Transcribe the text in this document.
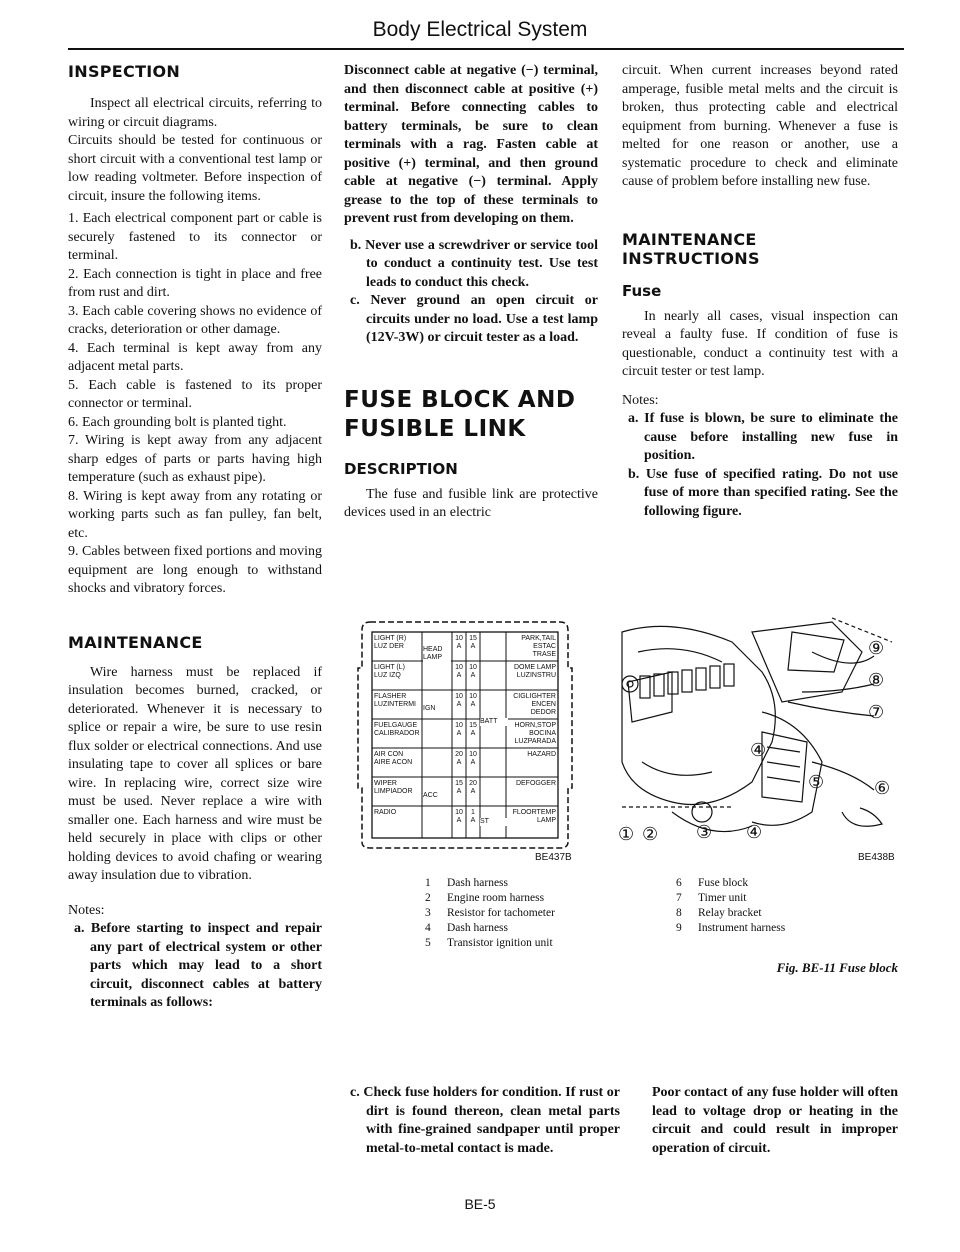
Body Electrical System
INSPECTION

Inspect all electrical circuits, referring to wiring or circuit diagrams.

Circuits should be tested for continuous or short circuit with a conventional test lamp or low reading voltmeter. Before inspection of circuit, insure the following items.

1. Each electrical component part or cable is securely fastened to its connector or terminal.
2. Each connection is tight in place and free from rust and dirt.
3. Each cable covering shows no evidence of cracks, deterioration or other damage.
4. Each terminal is kept away from any adjacent metal parts.
5. Each cable is fastened to its proper connector or terminal.
6. Each grounding bolt is planted tight.
7. Wiring is kept away from any adjacent sharp edges of parts or parts having high temperature (such as exhaust pipe).
8. Wiring is kept away from any rotating or working parts such as fan pulley, fan belt, etc.
9. Cables between fixed portions and moving equipment are long enough to withstand shocks and vibratory forces.
MAINTENANCE

Wire harness must be replaced if insulation becomes burned, cracked, or deteriorated. Whenever it is necessary to splice or repair a wire, be sure to use resin flux solder or electrical connections. And use insulating tape to cover all splices or bare wire. In replacing wire, correct size wire must be used. Never replace a wire with smaller one. Each harness and wire must be held securely in place with clips or other holding devices to avoid chafing or wearing away insulation due to vibration.

Notes:

a. Before starting to inspect and repair any part of electrical system or other parts which may lead to a short circuit, disconnect cables at battery terminals as follows:

Disconnect cable at negative (−) terminal, and then disconnect cable at positive (+) terminal. Before connecting cables to battery terminals, be sure to clean terminals with a rag. Fasten cable at positive (+) terminal, and then ground cable at negative (−) terminal. Apply grease to the top of these terminals to prevent rust from developing on them.

b. Never use a screwdriver or service tool to conduct a continuity test. Use test leads to conduct this check.
c. Never ground an open circuit or circuits under no load. Use a test lamp (12V-3W) or circuit tester as a load.
FUSE BLOCK AND
FUSIBLE LINK
DESCRIPTION

The fuse and fusible link are protective devices used in an electric

LIGHT (R)
LUZ DER
10
A
15
A
PARK,TAIL
ESTAC
TRASE
LIGHT (L)
LUZ IZQ
10
A
10
A
DOME LAMP
LUZINSTRU
FLASHER
LUZINTERMI
10
A
10
A
CIGLIGHTER
ENCEN
DEDOR
FUELGAUGE
CALIBRADOR
10
A
15
A
HORN,STOP
BOCINA
LUZPARADA
AIR CON
AIRE ACON
20
A
10
A
HAZARD
WIPER
LIMPIADOR
15
A
20
A
DEFOGGER
RADIO	10
A
1
A
FLOORTEMP
LAMP
HEAD
LAMP
IGN
ACC
BATT
ST
BE437B
1 Dash harness
2 Engine room harness
3 Resistor for tachometer
4 Dash harness
5 Transistor ignition unit
c. Check fuse holders for condition. If rust or dirt is found thereon, clean metal parts with fine-grained sandpaper until proper metal-to-metal contact is made.

circuit. When current increases beyond rated amperage, fusible metal melts and the circuit is broken, thus protecting cable and electrical equipment from burning. Whenever a fuse is melted for one reason or another, use a systematic procedure to check and eliminate cause of problem before installing new fuse.

MAINTENANCE
INSTRUCTIONS
Fuse

In nearly all cases, visual inspection can reveal a faulty fuse. If condition of fuse is questionable, conduct a continuity test with a circuit tester or test lamp.

Notes:

a. If fuse is blown, be sure to eliminate the cause before installing new fuse in position.
b. Use fuse of specified rating. Do not use fuse of more than specified rating. See the following figure.
⑨
⑧
⑦
④
⑤	⑥
① ② ③ ④
BE438B
6 Fuse block
7 Timer unit
8 Relay bracket
9 Instrument harness
Fig. BE-11 Fuse block

Poor contact of any fuse holder will often lead to voltage drop or heating in the circuit and could result in improper operation of circuit.

BE-5
